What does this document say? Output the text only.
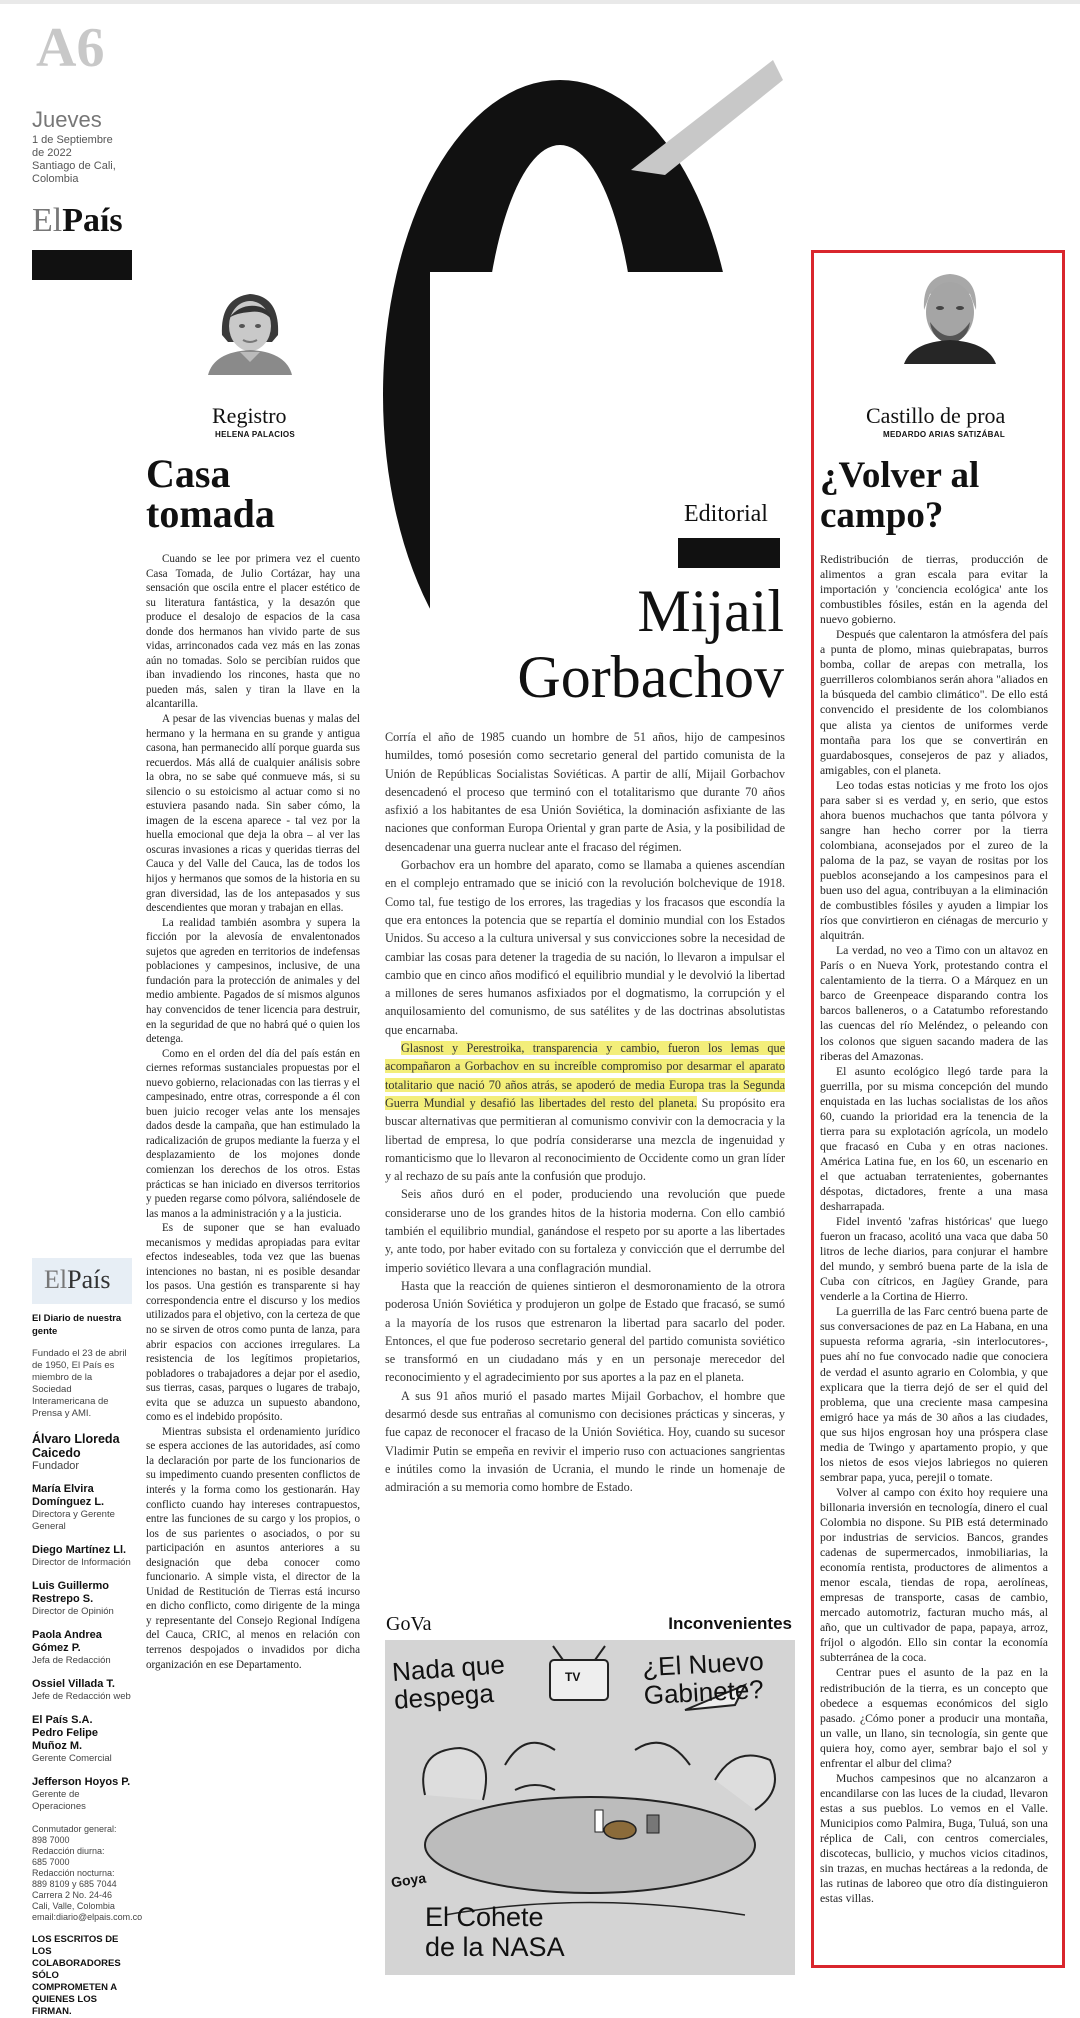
A6
Jueves
1 de Septiembre
de 2022
Santiago de Cali,
Colombia
ElPaís
Registro
HELENA PALACIOS
Casa
tomada

Cuando se lee por primera vez el cuento Casa Tomada, de Julio Cortázar, hay una sensación que oscila entre el placer estético de su literatura fantástica, y la desazón que produce el desalojo de espacios de la casa donde dos hermanos han vivido parte de sus vidas, arrinconados cada vez más en las zonas aún no tomadas. Solo se percibían ruidos que iban invadiendo los rincones, hasta que no pueden más, salen y tiran la llave en la alcantarilla.

A pesar de las vivencias buenas y malas del hermano y la hermana en su grande y antigua casona, han permanecido allí porque guarda sus recuerdos. Más allá de cualquier análisis sobre la obra, no se sabe qué conmueve más, si su silencio o su estoicismo al actuar como si no estuviera pasando nada. Sin saber cómo, la imagen de la escena aparece - tal vez por la huella emocional que deja la obra – al ver las oscuras invasiones a ricas y queridas tierras del Cauca y del Valle del Cauca, las de todos los hijos y hermanos que somos de la historia en su gran diversidad, las de los antepasados y sus descendientes que moran y trabajan en ellas.

La realidad también asombra y supera la ficción por la alevosía de envalentonados sujetos que agreden en territorios de indefensas poblaciones y campesinos, inclusive, de una fundación para la protección de animales y del medio ambiente. Pagados de sí mismos algunos hay convencidos de tener licencia para destruir, en la seguridad de que no habrá qué o quien los detenga.

Como en el orden del día del país están en ciernes reformas sustanciales propuestas por el nuevo gobierno, relacionadas con las tierras y el campesinado, entre otras, corresponde a él con buen juicio recoger velas ante los mensajes dados desde la campaña, que han estimulado la radicalización de grupos mediante la fuerza y el desplazamiento de los mojones donde comienzan los derechos de los otros. Estas prácticas se han iniciado en diversos territorios y pueden regarse como pólvora, saliéndosele de las manos a la administración y a la justicia.

Es de suponer que se han evaluado mecanismos y medidas apropiadas para evitar efectos indeseables, toda vez que las buenas intenciones no bastan, ni es posible desandar los pasos. Una gestión es transparente si hay correspondencia entre el discurso y los medios utilizados para el objetivo, con la certeza de que no se sirven de otros como punta de lanza, para abrir espacios con acciones irregulares. La resistencia de los legítimos propietarios, pobladores o trabajadores a dejar por el asedio, sus tierras, casas, parques o lugares de trabajo, evita que se aduzca un supuesto abandono, como es el indebido propósito.

Mientras subsista el ordenamiento jurídico se espera acciones de las autoridades, así como la declaración por parte de los funcionarios de su impedimento cuando presenten conflictos de interés y la forma como los gestionarán. Hay conflicto cuando hay intereses contrapuestos, entre las funciones de su cargo y los propios, o los de sus parientes o asociados, o por su participación en asuntos anteriores a su designación que deba conocer como funcionario. A simple vista, el director de la Unidad de Restitución de Tierras está incurso en dicho conflicto, como dirigente de la minga y representante del Consejo Regional Indígena del Cauca, CRIC, al menos en relación con terrenos despojados o invadidos por dicha organización en ese Departamento.

ElPaís
El Diario de nuestra gente
Fundado el 23 de abril de 1950, El País es miembro de la Sociedad Interamericana de Prensa y AMI.
Álvaro Lloreda
Caicedo
Fundador
María Elvira Domínguez L.
Directora y Gerente General
Diego Martínez Ll.
Director de Información
Luis Guillermo Restrepo S.
Director de Opinión
Paola Andrea Gómez P.
Jefa de Redacción
Ossiel Villada T.
Jefe de Redacción web
El País S.A.
Pedro Felipe Muñoz M.
Gerente Comercial
Jefferson Hoyos P.
Gerente de Operaciones
Conmutador general:
898 7000
Redacción diurna:
685 7000
Redacción nocturna:
889 8109 y 685 7044
Carrera 2 No. 24-46
Cali, Valle, Colombia
email:diario@elpais.com.co
LOS ESCRITOS DE LOS COLABORADORES SÓLO COMPROMETEN A QUIENES LOS FIRMAN.
Editorial
Mijail
Gorbachov

Corría el año de 1985 cuando un hombre de 51 años, hijo de campesinos humildes, tomó posesión como secretario general del partido comunista de la Unión de Repúblicas Socialistas Soviéticas. A partir de allí, Mijail Gorbachov desencadenó el proceso que terminó con el totalitarismo que durante 70 años asfixió a los habitantes de esa Unión Soviética, la dominación asfixiante de las naciones que conforman Europa Oriental y gran parte de Asia, y la posibilidad de desencadenar una guerra nuclear ante el fracaso del régimen.

Gorbachov era un hombre del aparato, como se llamaba a quienes ascendían en el complejo entramado que se inició con la revolución bolchevique de 1918. Como tal, fue testigo de los errores, las tragedias y los fracasos que escondía la que era entonces la potencia que se repartía el dominio mundial con los Estados Unidos. Su acceso a la cultura universal y sus convicciones sobre la necesidad de cambiar las cosas para detener la tragedia de su nación, lo llevaron a impulsar el cambio que en cinco años modificó el equilibrio mundial y le devolvió la libertad a millones de seres humanos asfixiados por el dogmatismo, la corrupción y el anquilosamiento del comunismo, de sus satélites y de las doctrinas absolutistas que encarnaba.

Glasnost y Perestroika, transparencia y cambio, fueron los lemas que acompañaron a Gorbachov en su increíble compromiso por desarmar el aparato totalitario que nació 70 años atrás, se apoderó de media Europa tras la Segunda Guerra Mundial y desafió las libertades del resto del planeta. Su propósito era buscar alternativas que permitieran al comunismo convivir con la democracia y la libertad de empresa, lo que podría considerarse una mezcla de ingenuidad y romanticismo que lo llevaron al reconocimiento de Occidente como un gran líder y al rechazo de su país ante la confusión que produjo.

Seis años duró en el poder, produciendo una revolución que puede considerarse uno de los grandes hitos de la historia moderna. Con ello cambió también el equilibrio mundial, ganándose el respeto por su aporte a las libertades y, ante todo, por haber evitado con su fortaleza y convicción que el derrumbe del imperio soviético llevara a una conflagración mundial.

Hasta que la reacción de quienes sintieron el desmoronamiento de la otrora poderosa Unión Soviética y produjeron un golpe de Estado que fracasó, se sumó a la mayoría de los rusos que estrenaron la libertad para sacarlo del poder. Entonces, el que fue poderoso secretario general del partido comunista soviético se transformó en un ciudadano más y en un personaje merecedor del reconocimiento y el agradecimiento por sus aportes a la paz en el planeta.

A sus 91 años murió el pasado martes Mijail Gorbachov, el hombre que desarmó desde sus entrañas al comunismo con decisiones prácticas y sinceras, y fue capaz de reconocer el fracaso de la Unión Soviética. Hoy, cuando su sucesor Vladimir Putin se empeña en revivir el imperio ruso con actuaciones sangrientas e inútiles como la invasión de Ucrania, el mundo le rinde un homenaje de admiración a su memoria como hombre de Estado.

GoVa	Inconvenientes
Nada que
despega
TV ¿El Nuevo
Gabinete?
Goya
El Cohete
de la NASA
Castillo de proa
MEDARDO ARIAS SATIZÁBAL
¿Volver al
campo?

Redistribución de tierras, producción de alimentos a gran escala para evitar la importación y 'conciencia ecológica' ante los combustibles fósiles, están en la agenda del nuevo gobierno.

Después que calentaron la atmósfera del país a punta de plomo, minas quiebrapatas, burros bomba, collar de arepas con metralla, los guerrilleros colombianos serán ahora "aliados en la búsqueda del cambio climático". De ello está convencido el presidente de los colombianos que alista ya cientos de uniformes verde montaña para los que se convertirán en guardabosques, consejeros de paz y aliados, amigables, con el planeta.

Leo todas estas noticias y me froto los ojos para saber si es verdad y, en serio, que estos ahora buenos muchachos que tanta pólvora y sangre han hecho correr por la tierra colombiana, aconsejados por el zureo de la paloma de la paz, se vayan de rositas por los pueblos aconsejando a los campesinos para el buen uso del agua, contribuyan a la eliminación de combustibles fósiles y ayuden a limpiar los ríos que convirtieron en ciénagas de mercurio y alquitrán.

La verdad, no veo a Timo con un altavoz en París o en Nueva York, protestando contra el calentamiento de la tierra. O a Márquez en un barco de Greenpeace disparando contra los barcos balleneros, o a Catatumbo reforestando las cuencas del río Meléndez, o peleando con los colonos que siguen sacando madera de las riberas del Amazonas.

El asunto ecológico llegó tarde para la guerrilla, por su misma concepción del mundo enquistada en las luchas socialistas de los años 60, cuando la prioridad era la tenencia de la tierra para su explotación agrícola, un modelo que fracasó en Cuba y en otras naciones. América Latina fue, en los 60, un escenario en el que actuaban terratenientes, gobernantes déspotas, dictadores, frente a una masa desharrapada.

Fidel inventó 'zafras históricas' que luego fueron un fracaso, acolitó una vaca que daba 50 litros de leche diarios, para conjurar el hambre del mundo, y sembró buena parte de la isla de Cuba con cítricos, en Jagüey Grande, para venderle a la Cortina de Hierro.

La guerrilla de las Farc centró buena parte de sus conversaciones de paz en La Habana, en una supuesta reforma agraria, -sin interlocutores-, pues ahí no fue convocado nadie que conociera de verdad el asunto agrario en Colombia, y que explicara que la tierra dejó de ser el quid del problema, que una creciente masa campesina emigró hace ya más de 30 años a las ciudades, que sus hijos engrosan hoy una próspera clase media de Twingo y apartamento propio, y que los nietos de esos viejos labriegos no quieren sembrar papa, yuca, perejil o tomate.

Volver al campo con éxito hoy requiere una billonaria inversión en tecnología, dinero el cual Colombia no dispone. Su PIB está determinado por industrias de servicios. Bancos, grandes cadenas de supermercados, inmobiliarias, la economía rentista, productores de alimentos a menor escala, tiendas de ropa, aerolíneas, empresas de transporte, casas de cambio, mercado automotriz, facturan mucho más, al año, que un cultivador de papa, papaya, arroz, fríjol o algodón. Ello sin contar la economía subterránea de la coca.

Centrar pues el asunto de la paz en la redistribución de la tierra, es un concepto que obedece a esquemas económicos del siglo pasado. ¿Cómo poner a producir una montaña, un valle, un llano, sin tecnología, sin gente que quiera hoy, como ayer, sembrar bajo el sol y enfrentar el albur del clima?

Muchos campesinos que no alcanzaron a encandilarse con las luces de la ciudad, llevaron estas a sus pueblos. Lo vemos en el Valle. Municipios como Palmira, Buga, Tuluá, son una réplica de Cali, con centros comerciales, discotecas, bullicio, y muchos vicios citadinos, sin trazas, en muchas hectáreas a la redonda, de las rutinas de laboreo que otro día distinguieron estas villas.
